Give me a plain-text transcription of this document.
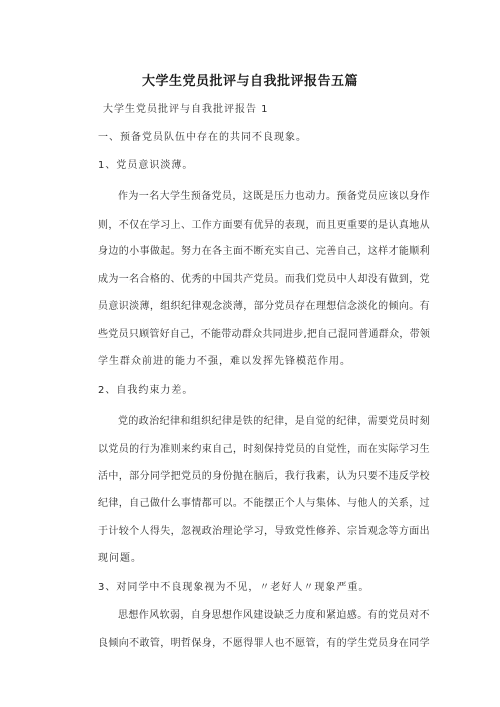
大学生党员批评与自我批评报告五篇
大学生党员批评与自我批评报告 1
一、预备党员队伍中存在的共同不良现象。
1、党员意识淡薄。
作为一名大学生预备党员，这既是压力也动力。预备党员应该以身作
则，不仅在学习上、工作方面要有优异的表现，而且更重要的是认真地从
身边的小事做起。努力在各主面不断充实自己、完善自己，这样才能顺利
成为一名合格的、优秀的中国共产党员。而我们党员中人却没有做到，党
员意识淡薄，组织纪律观念淡薄，部分党员存在理想信念淡化的倾向。有
些党员只顾管好自己，不能带动群众共同进步,把自己混同普通群众，带领
学生群众前进的能力不强，难以发挥先锋模范作用。
2、自我约束力差。
党的政治纪律和组织纪律是铁的纪律，是自觉的纪律，需要党员时刻
以党员的行为准则来约束自己，时刻保持党员的自觉性，而在实际学习生
活中，部分同学把党员的身份抛在脑后，我行我素，认为只要不违反学校
纪律，自己做什么事情都可以。不能摆正个人与集体、与他人的关系，过
于计较个人得失，忽视政治理论学习，导致党性修养、宗旨观念等方面出
现问题。
3、对同学中不良现象视为不见，〃老好人〃现象严重。
思想作风软弱，自身思想作风建设缺乏力度和紧迫感。有的党员对不
良倾向不敢管，明哲保身，不愿得罪人也不愿管，有的学生党员身在同学
